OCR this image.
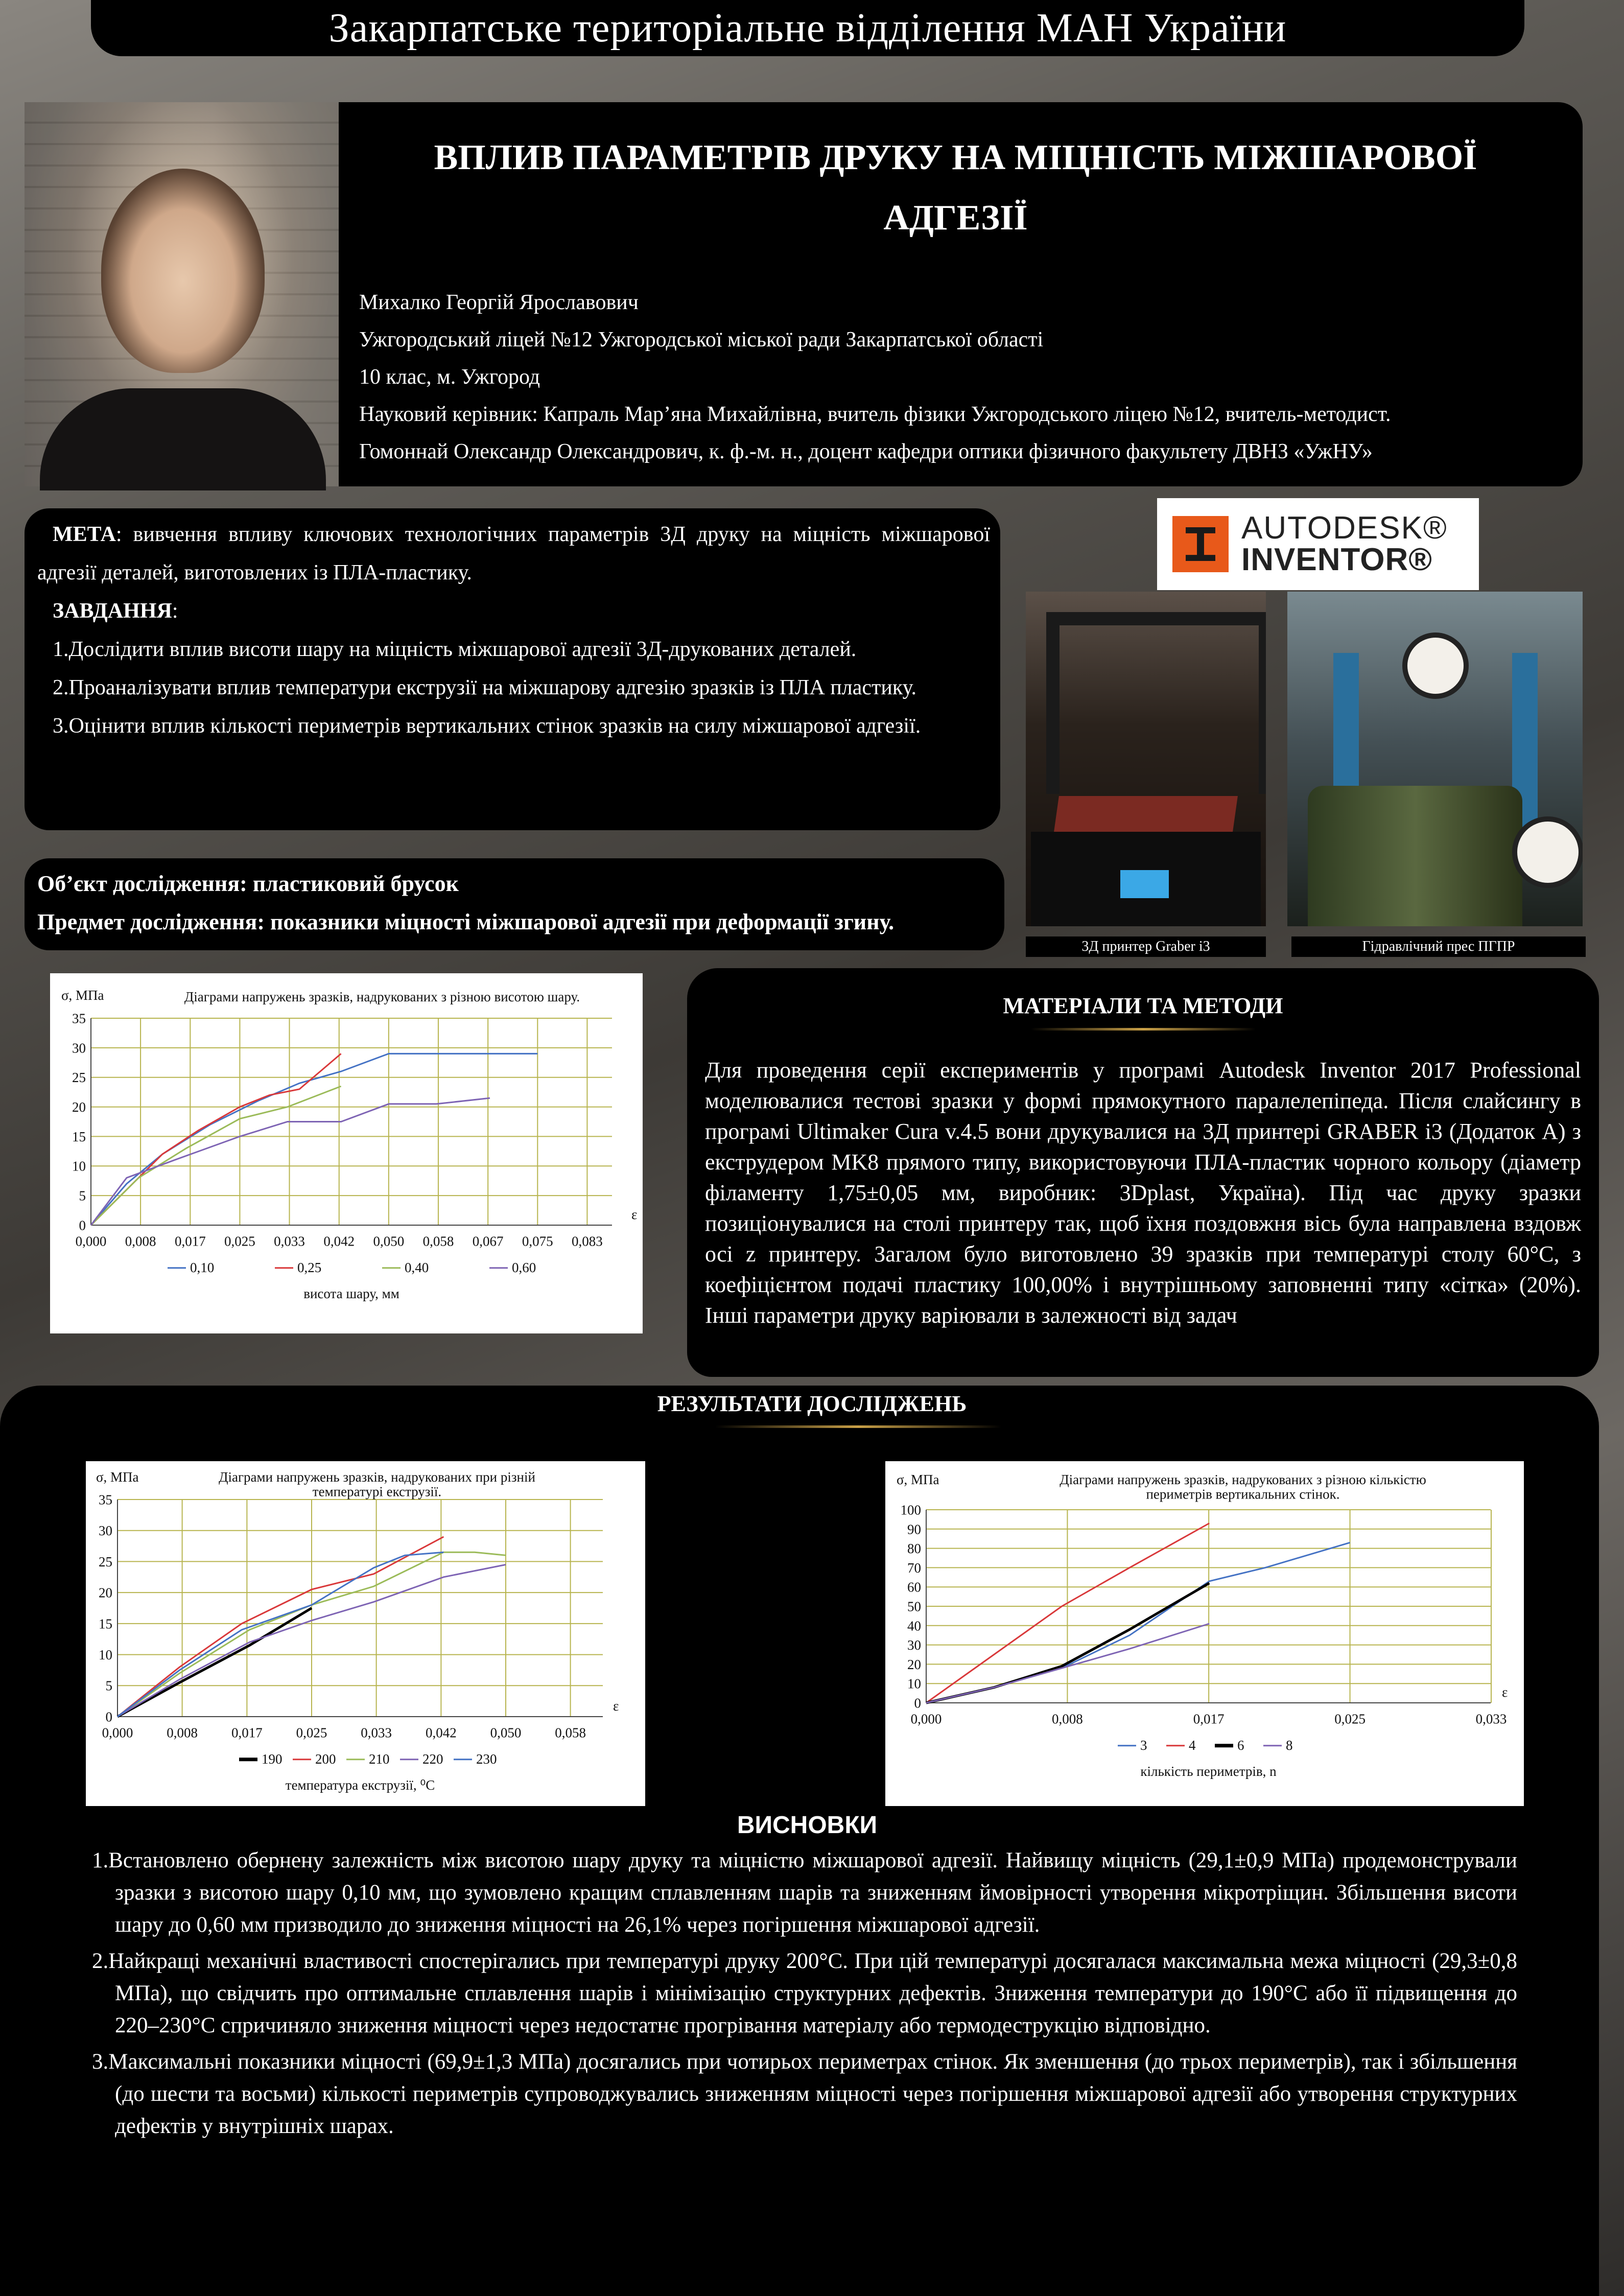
Закарпатське територіальне відділення МАН України
ВПЛИВ ПАРАМЕТРІВ ДРУКУ НА МІЦНІСТЬ МІЖШАРОВОЇ АДГЕЗІЇ
Михалко Георгій Ярославович
Ужгородський ліцей №12 Ужгородської міської ради Закарпатської області
10 клас, м. Ужгород
Науковий керівник: Капраль Мар’яна Михайлівна, вчитель фізики Ужгородського ліцею №12, вчитель-методист.
Гомоннай Олександр Олександрович, к. ф.-м. н., доцент кафедри оптики фізичного факультету ДВНЗ «УжНУ»

МЕТА: вивчення впливу ключових технологічних параметрів 3Д друку на міцність міжшарової адгезії деталей, виготовлених із ПЛА-пластику.

ЗАВДАННЯ:

1.Дослідити вплив висоти шару на міцність міжшарової адгезії 3Д-друкованих деталей.

2.Проаналізувати вплив температури екструзії на міжшарову адгезію зразків із ПЛА пластику.

3.Оцінити вплив кількості периметрів вертикальних стінок зразків на силу міжшарової адгезії.

Об’єкт дослідження: пластиковий брусок
Предмет дослідження: показники міцності міжшарової адгезії при деформації згину.
AUTODESK®
INVENTOR®
3Д принтер Graber i3	Гідравлічний прес ПГПР
0
5
10
15
20
25
30
35
0,000 0,008 0,017 0,025 0,033 0,042 0,050 0,058 0,067 0,075 0,083
σ, МПа
ε
Діаграми напружень зразків, надрукованих з різною висотою шару.
0,10	0,25	0,40	0,60
висота шару, мм
МАТЕРІАЛИ ТА МЕТОДИ
Для проведення серії експериментів у програмі Autodesk Inventor 2017 Professional моделювалися тестові зразки у формі прямокутного паралелепіпеда. Після слайсингу в програмі Ultimaker Cura v.4.5 вони друкувалися на 3Д принтері GRABER i3 (Додаток А) з екструдером MK8 прямого типу, використовуючи ПЛА-пластик чорного кольору (діаметр філаменту 1,75±0,05 мм, виробник: 3Dplast, Україна). Під час друку зразки позиціонувалися на столі принтеру так, щоб їхня поздовжня вісь була направлена вздовж осі z принтеру. Загалом було виготовлено 39 зразків при температурі столу 60°C, з коефіцієнтом подачі пластику 100,00% і внутрішньому заповненні типу «сітка» (20%). Інші параметри друку варіювали в залежності від задач
РЕЗУЛЬТАТИ ДОСЛІДЖЕНЬ
0
5
10
15
20
25
30
35
0,000 0,008 0,017 0,025 0,033 0,042 0,050 0,058
σ, МПа
ε
Діаграми напружень зразків, надрукованих при різній
температурі екструзії.
190 200 210 220 230
температура екструзії, ⁰С
0
10
20
30
40
50
60
70
80
90
100
0,000	0,008	0,017	0,025	0,033
σ, МПа
ε
Діаграми напружень зразків, надрукованих з різною кількістю
периметрів вертикальних стінок.
3	4	6	8
кількість периметрів, n
ВИСНОВКИ

1.Встановлено обернену залежність між висотою шару друку та міцністю міжшарової адгезії. Найвищу міцність (29,1±0,9 МПа) продемонстрували зразки з висотою шару 0,10 мм, що зумовлено кращим сплавленням шарів та зниженням ймовірності утворення мікротріщин. Збільшення висоти шару до 0,60 мм призводило до зниження міцності на 26,1% через погіршення міжшарової адгезії.

2.Найкращі механічні властивості спостерігались при температурі друку 200°C. При цій температурі досягалася максимальна межа міцності (29,3±0,8 МПа), що свідчить про оптимальне сплавлення шарів і мінімізацію структурних дефектів. Зниження температури до 190°C або її підвищення до 220–230°C спричиняло зниження міцності через недостатнє прогрівання матеріалу або термодеструкцію відповідно.

3.Максимальні показники міцності (69,9±1,3 МПа) досягались при чотирьох периметрах стінок. Як зменшення (до трьох периметрів), так і збільшення (до шести та восьми) кількості периметрів супроводжувались зниженням міцності через погіршення міжшарової адгезії або утворення структурних дефектів у внутрішніх шарах.
